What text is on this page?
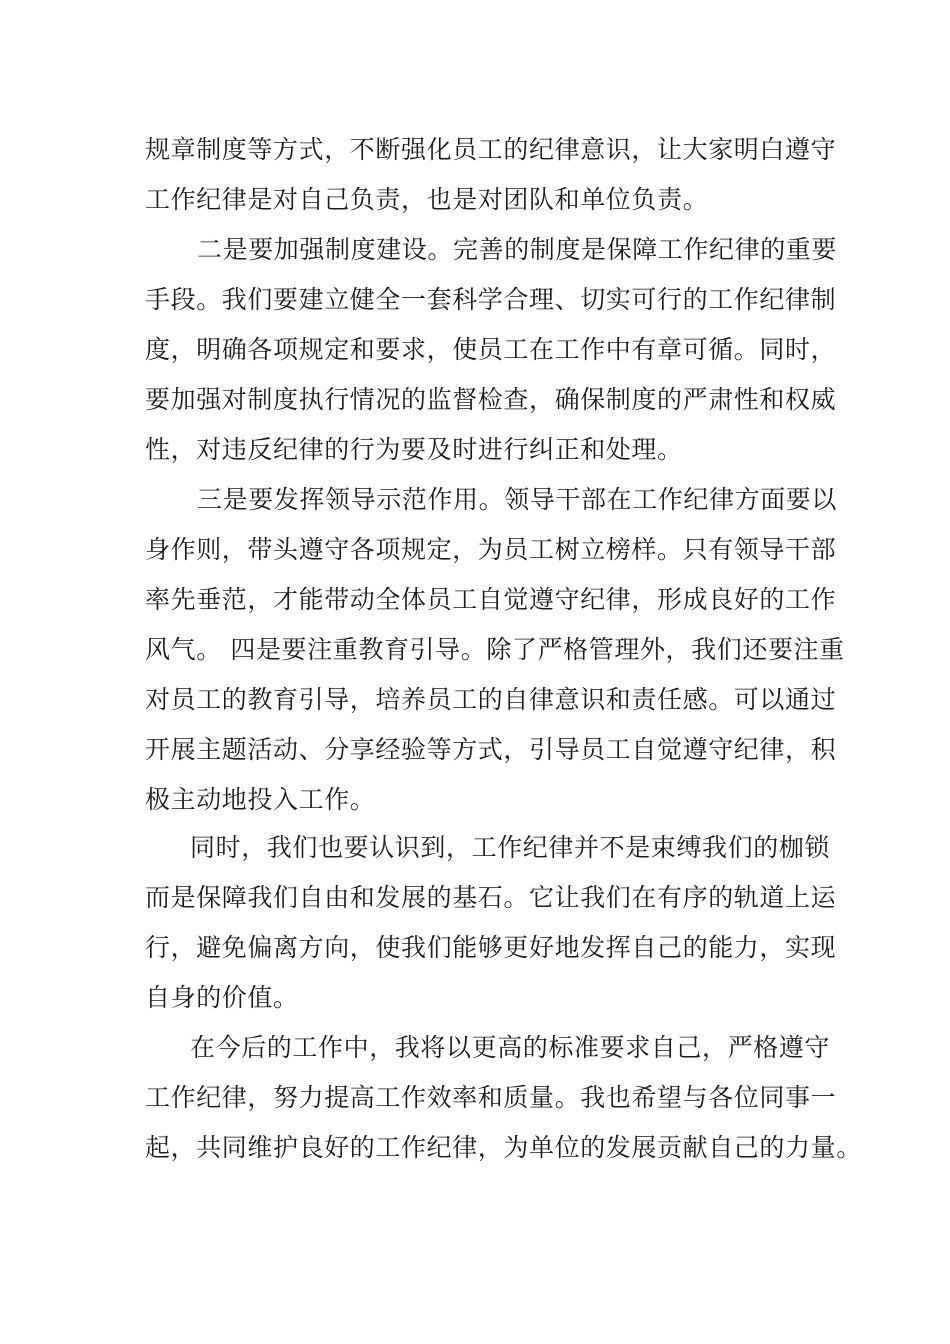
规章制度等方式，不断强化员工的纪律意识，让大家明白遵守
工作纪律是对自己负责，也是对团队和单位负责。
二是要加强制度建设。完善的制度是保障工作纪律的重要
手段。我们要建立健全一套科学合理、切实可行的工作纪律制
度，明确各项规定和要求，使员工在工作中有章可循。同时，
要加强对制度执行情况的监督检查，确保制度的严肃性和权威
性，对违反纪律的行为要及时进行纠正和处理。
三是要发挥领导示范作用。领导干部在工作纪律方面要以
身作则，带头遵守各项规定，为员工树立榜样。只有领导干部
率先垂范，才能带动全体员工自觉遵守纪律，形成良好的工作
风气。 四是要注重教育引导。除了严格管理外，我们还要注重
对员工的教育引导，培养员工的自律意识和责任感。可以通过
开展主题活动、分享经验等方式，引导员工自觉遵守纪律，积
极主动地投入工作。
同时，我们也要认识到，工作纪律并不是束缚我们的枷锁
而是保障我们自由和发展的基石。它让我们在有序的轨道上运
行，避免偏离方向，使我们能够更好地发挥自己的能力，实现
自身的价值。
在今后的工作中，我将以更高的标准要求自己，严格遵守
工作纪律，努力提高工作效率和质量。我也希望与各位同事一
起，共同维护良好的工作纪律，为单位的发展贡献自己的力量。
